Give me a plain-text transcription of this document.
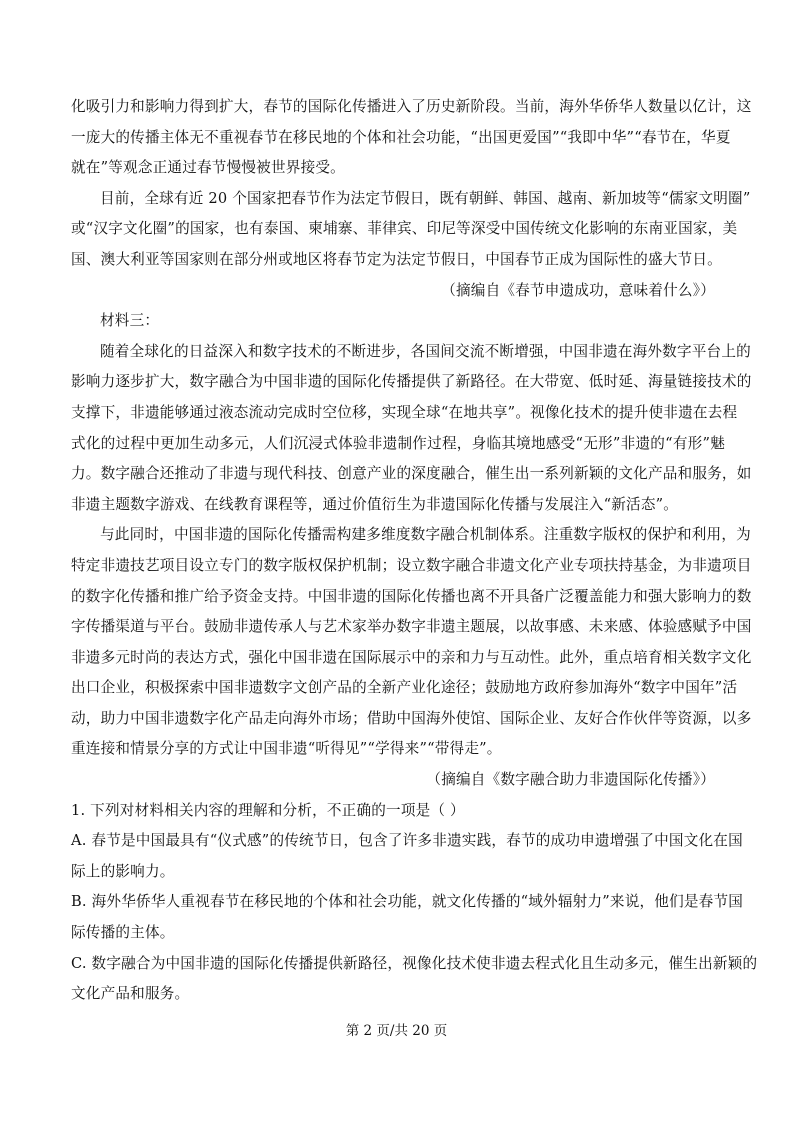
化吸引力和影响力得到扩大，春节的国际化传播进入了历史新阶段。当前，海外华侨华人数量以亿计，这
一庞大的传播主体无不重视春节在移民地的个体和社会功能，“出国更爱国”“我即中华”“春节在，华夏
就在”等观念正通过春节慢慢被世界接受。
目前，全球有近 20 个国家把春节作为法定节假日，既有朝鲜、韩国、越南、新加坡等“儒家文明圈”
或“汉字文化圈”的国家，也有泰国、柬埔寨、菲律宾、印尼等深受中国传统文化影响的东南亚国家，美
国、澳大利亚等国家则在部分州或地区将春节定为法定节假日，中国春节正成为国际性的盛大节日。
（摘编自《春节申遗成功，意味着什么》）
材料三：
随着全球化的日益深入和数字技术的不断进步，各国间交流不断增强，中国非遗在海外数字平台上的
影响力逐步扩大，数字融合为中国非遗的国际化传播提供了新路径。在大带宽、低时延、海量链接技术的
支撑下，非遗能够通过液态流动完成时空位移，实现全球“在地共享”。视像化技术的提升使非遗在去程
式化的过程中更加生动多元，人们沉浸式体验非遗制作过程，身临其境地感受“无形”非遗的“有形”魅
力。数字融合还推动了非遗与现代科技、创意产业的深度融合，催生出一系列新颖的文化产品和服务，如
非遗主题数字游戏、在线教育课程等，通过价值衍生为非遗国际化传播与发展注入“新活态”。
与此同时，中国非遗的国际化传播需构建多维度数字融合机制体系。注重数字版权的保护和利用，为
特定非遗技艺项目设立专门的数字版权保护机制；设立数字融合非遗文化产业专项扶持基金，为非遗项目
的数字化传播和推广给予资金支持。中国非遗的国际化传播也离不开具备广泛覆盖能力和强大影响力的数
字传播渠道与平台。鼓励非遗传承人与艺术家举办数字非遗主题展，以故事感、未来感、体验感赋予中国
非遗多元时尚的表达方式，强化中国非遗在国际展示中的亲和力与互动性。此外，重点培育相关数字文化
出口企业，积极探索中国非遗数字文创产品的全新产业化途径；鼓励地方政府参加海外“数字中国年”活
动，助力中国非遗数字化产品走向海外市场；借助中国海外使馆、国际企业、友好合作伙伴等资源，以多
重连接和情景分享的方式让中国非遗“听得见”“学得来”“带得走”。
（摘编自《数字融合助力非遗国际化传播》）
1. 下列对材料相关内容的理解和分析，不正确的一项是（ ）
A. 春节是中国最具有“仪式感”的传统节日，包含了许多非遗实践，春节的成功申遗增强了中国文化在国
际上的影响力。
B. 海外华侨华人重视春节在移民地的个体和社会功能，就文化传播的“域外辐射力”来说，他们是春节国
际传播的主体。
C. 数字融合为中国非遗的国际化传播提供新路径，视像化技术使非遗去程式化且生动多元，催生出新颖的
文化产品和服务。
第 2 页/共 20 页
